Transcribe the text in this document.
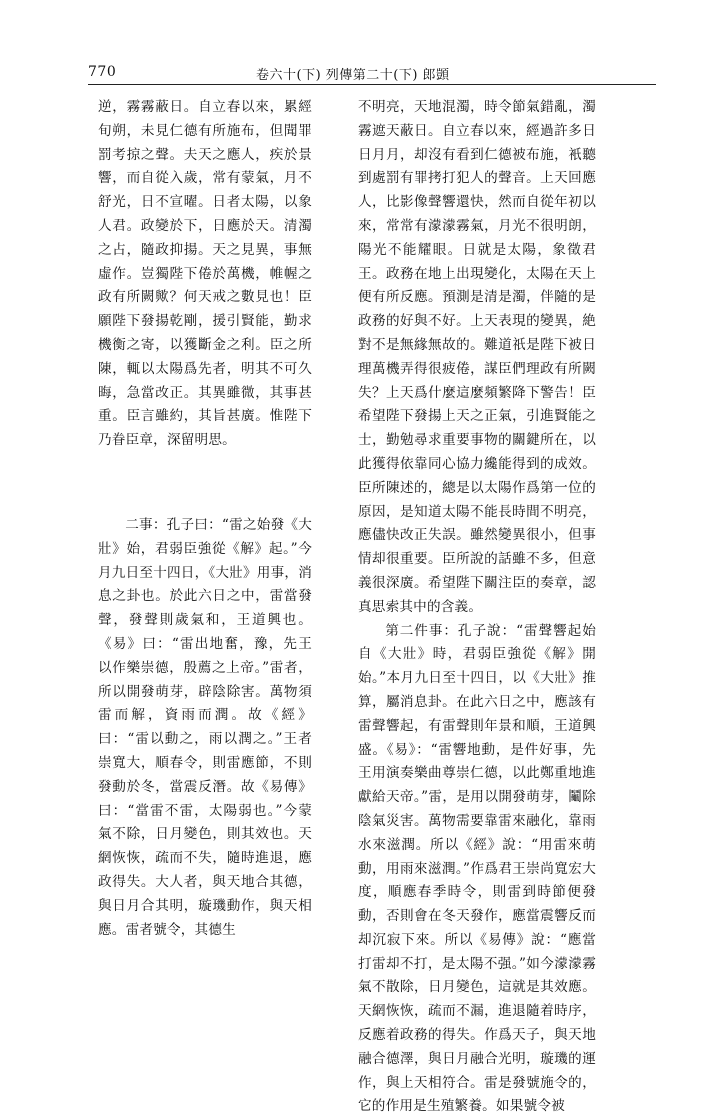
770	卷六十(下) 列傳第二十(下) 郎顗

逆，霧霧蔽日。自立春以來，累經旬朔，未見仁德有所施布，但聞罪罰考掠之聲。夫天之應人，疾於景響，而自從入歲，常有蒙氣，月不舒光，日不宣曜。日者太陽，以象人君。政變於下，日應於天。清濁之占，隨政抑揚。天之見異，事無虛作。豈獨陛下倦於萬機，帷幄之政有所闕歟？何天戒之數見也！臣願陛下發揚乾剛，援引賢能，勤求機衡之寄，以獲斷金之利。臣之所陳，輒以太陽爲先者，明其不可久晦，急當改正。其異雖微，其事甚重。臣言雖約，其旨甚廣。惟陛下乃眷臣章，深留明思。

二事：孔子曰：“雷之始發《大壯》始，君弱臣強從《解》起。”今月九日至十四日，《大壯》用事，消息之卦也。於此六日之中，雷當發聲，發聲則歲氣和，王道興也。《易》曰：“雷出地奮，豫，先王以作樂崇德，殷薦之上帝。”雷者，所以開發萌芽，辟陰除害。萬物須雷而解，資雨而潤。故《經》曰：“雷以動之，雨以潤之。”王者崇寬大，順春令，則雷應節，不則發動於冬，當震反潛。故《易傳》曰：“當雷不雷，太陽弱也。”今蒙氣不除，日月變色，則其效也。天網恢恢，疏而不失，隨時進退，應政得失。大人者，與天地合其德，與日月合其明，璇璣動作，與天相應。雷者號令，其德生

不明亮，天地混濁，時令節氣錯亂，濁霧遮天蔽日。自立春以來，經過許多日日月月，却沒有看到仁德被布施，衹聽到處罰有罪拷打犯人的聲音。上天回應人，比影像聲響還快，然而自從年初以來，常常有濛濛霧氣，月光不很明朗，陽光不能耀眼。日就是太陽，象徵君王。政務在地上出現變化，太陽在天上便有所反應。預測是清是濁，伴隨的是政務的好與不好。上天表現的變異，絶對不是無緣無故的。難道祇是陛下被日理萬機弄得很疲倦，謀臣們理政有所闕失？上天爲什麼這麼頻繁降下警告！臣希望陛下發揚上天之正氣，引進賢能之士，勤勉尋求重要事物的關鍵所在，以此獲得依靠同心協力纔能得到的成效。臣所陳述的，總是以太陽作爲第一位的原因，是知道太陽不能長時間不明亮，應儘快改正失誤。雖然變異很小，但事情却很重要。臣所說的話雖不多，但意義很深廣。希望陛下關注臣的奏章，認真思索其中的含義。

第二件事：孔子說：“雷聲響起始自《大壯》時，君弱臣強從《解》開始。”本月九日至十四日，以《大壯》推算，屬消息卦。在此六日之中，應該有雷聲響起，有雷聲則年景和順，王道興盛。《易》：“雷響地動，是件好事，先王用演奏樂曲尊崇仁德，以此鄭重地進獻給天帝。”雷，是用以開發萌芽，鬮除陰氣災害。萬物需要靠雷來融化，靠雨水來滋潤。所以《經》說：“用雷來萌動，用雨來滋潤。”作爲君王崇尚寬宏大度，順應春季時令，則雷到時節便發動，否則會在冬天發作，應當震響反而却沉寂下來。所以《易傳》說：“應當打雷却不打，是太陽不强。”如今濛濛霧氣不散除，日月變色，這就是其效應。天網恢恢，疏而不漏，進退隨着時序，反應着政務的得失。作爲天子，與天地融合德澤，與日月融合光明，璇璣的運作，與上天相符合。雷是發號施令的，它的作用是生殖繁養。如果號令被
